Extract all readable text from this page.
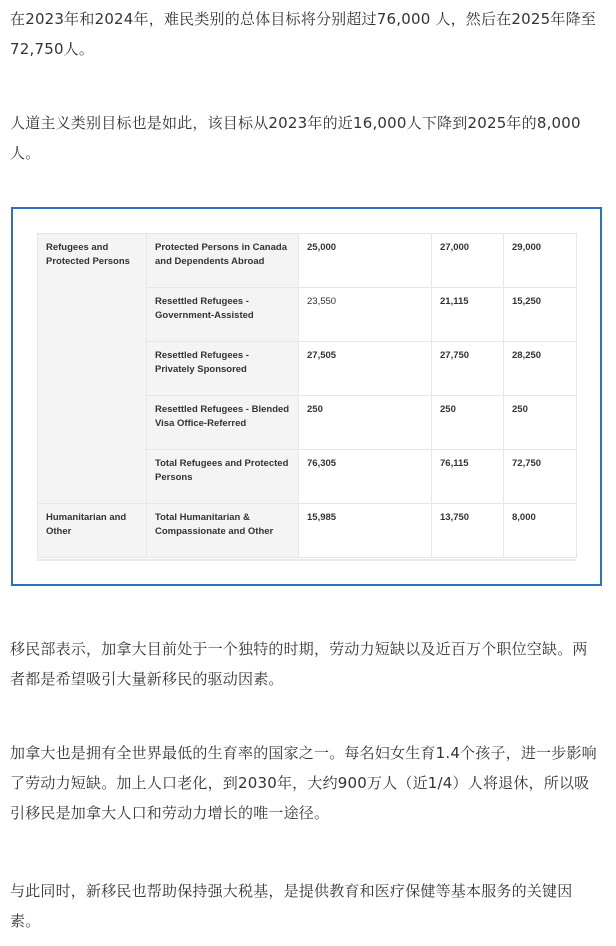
在2023年和2024年，难民类别的总体目标将分别超过76,000 人，然后在2025年降至72,750人。

人道主义类别目标也是如此，该目标从2023年的近16,000人下降到2025年的8,000人。

Refugees and Protected Persons	Protected Persons in Canada and Dependents Abroad	25,000	27,000	29,000
	Resettled Refugees - Government-Assisted	23,550	21,115	15,250
	Resettled Refugees - Privately Sponsored	27,505	27,750	28,250
	Resettled Refugees - Blended Visa Office-Referred	250	250	250
	Total Refugees and Protected Persons	76,305	76,115	72,750
Humanitarian and Other	Total Humanitarian & Compassionate and Other	15,985	13,750	8,000

移民部表示，加拿大目前处于一个独特的时期，劳动力短缺以及近百万个职位空缺。两者都是希望吸引大量新移民的驱动因素。

加拿大也是拥有全世界最低的生育率的国家之一。每名妇女生育1.4个孩子，进一步影响了劳动力短缺。加上人口老化，到2030年，大约900万人（近1/4）人将退休，所以吸引移民是加拿大人口和劳动力增长的唯一途径。

与此同时，新移民也帮助保持强大税基，是提供教育和医疗保健等基本服务的关键因素。
